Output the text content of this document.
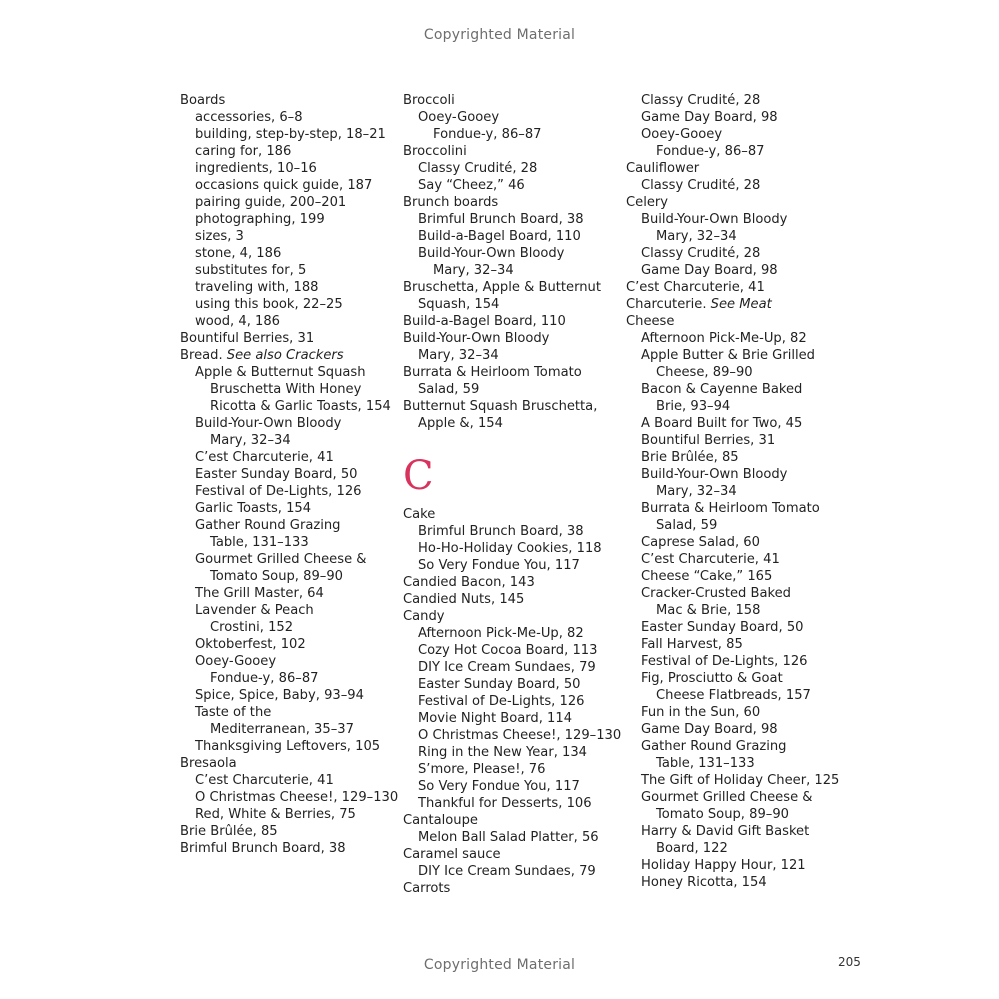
Copyrighted Material
Boards
accessories, 6–8
building, step-by-step, 18–21
caring for, 186
ingredients, 10–16
occasions quick guide, 187
pairing guide, 200–201
photographing, 199
sizes, 3
stone, 4, 186
substitutes for, 5
traveling with, 188
using this book, 22–25
wood, 4, 186
Bountiful Berries, 31
Bread. See also Crackers
Apple & Butternut Squash
Bruschetta With Honey
Ricotta & Garlic Toasts, 154
Build-Your-Own Bloody
Mary, 32–34
C’est Charcuterie, 41
Easter Sunday Board, 50
Festival of De-Lights, 126
Garlic Toasts, 154
Gather Round Grazing
Table, 131–133
Gourmet Grilled Cheese &
Tomato Soup, 89–90
The Grill Master, 64
Lavender & Peach
Crostini, 152
Oktoberfest, 102
Ooey-Gooey
Fondue-y, 86–87
Spice, Spice, Baby, 93–94
Taste of the
Mediterranean, 35–37
Thanksgiving Leftovers, 105
Bresaola
C’est Charcuterie, 41
O Christmas Cheese!, 129–130
Red, White & Berries, 75
Brie Brûlée, 85
Brimful Brunch Board, 38
Broccoli
Ooey-Gooey
Fondue-y, 86–87
Broccolini
Classy Crudité, 28
Say “Cheez,” 46
Brunch boards
Brimful Brunch Board, 38
Build-a-Bagel Board, 110
Build-Your-Own Bloody
Mary, 32–34
Bruschetta, Apple & Butternut
Squash, 154
Build-a-Bagel Board, 110
Build-Your-Own Bloody
Mary, 32–34
Burrata & Heirloom Tomato
Salad, 59
Butternut Squash Bruschetta,
Apple &, 154
C
Cake
Brimful Brunch Board, 38
Ho-Ho-Holiday Cookies, 118
So Very Fondue You, 117
Candied Bacon, 143
Candied Nuts, 145
Candy
Afternoon Pick-Me-Up, 82
Cozy Hot Cocoa Board, 113
DIY Ice Cream Sundaes, 79
Easter Sunday Board, 50
Festival of De-Lights, 126
Movie Night Board, 114
O Christmas Cheese!, 129–130
Ring in the New Year, 134
S’more, Please!, 76
So Very Fondue You, 117
Thankful for Desserts, 106
Cantaloupe
Melon Ball Salad Platter, 56
Caramel sauce
DIY Ice Cream Sundaes, 79
Carrots
Classy Crudité, 28
Game Day Board, 98
Ooey-Gooey
Fondue-y, 86–87
Cauliflower
Classy Crudité, 28
Celery
Build-Your-Own Bloody
Mary, 32–34
Classy Crudité, 28
Game Day Board, 98
C’est Charcuterie, 41
Charcuterie. See Meat
Cheese
Afternoon Pick-Me-Up, 82
Apple Butter & Brie Grilled
Cheese, 89–90
Bacon & Cayenne Baked
Brie, 93–94
A Board Built for Two, 45
Bountiful Berries, 31
Brie Brûlée, 85
Build-Your-Own Bloody
Mary, 32–34
Burrata & Heirloom Tomato
Salad, 59
Caprese Salad, 60
C’est Charcuterie, 41
Cheese “Cake,” 165
Cracker-Crusted Baked
Mac & Brie, 158
Easter Sunday Board, 50
Fall Harvest, 85
Festival of De-Lights, 126
Fig, Prosciutto & Goat
Cheese Flatbreads, 157
Fun in the Sun, 60
Game Day Board, 98
Gather Round Grazing
Table, 131–133
The Gift of Holiday Cheer, 125
Gourmet Grilled Cheese &
Tomato Soup, 89–90
Harry & David Gift Basket
Board, 122
Holiday Happy Hour, 121
Honey Ricotta, 154
Copyrighted Material	205
